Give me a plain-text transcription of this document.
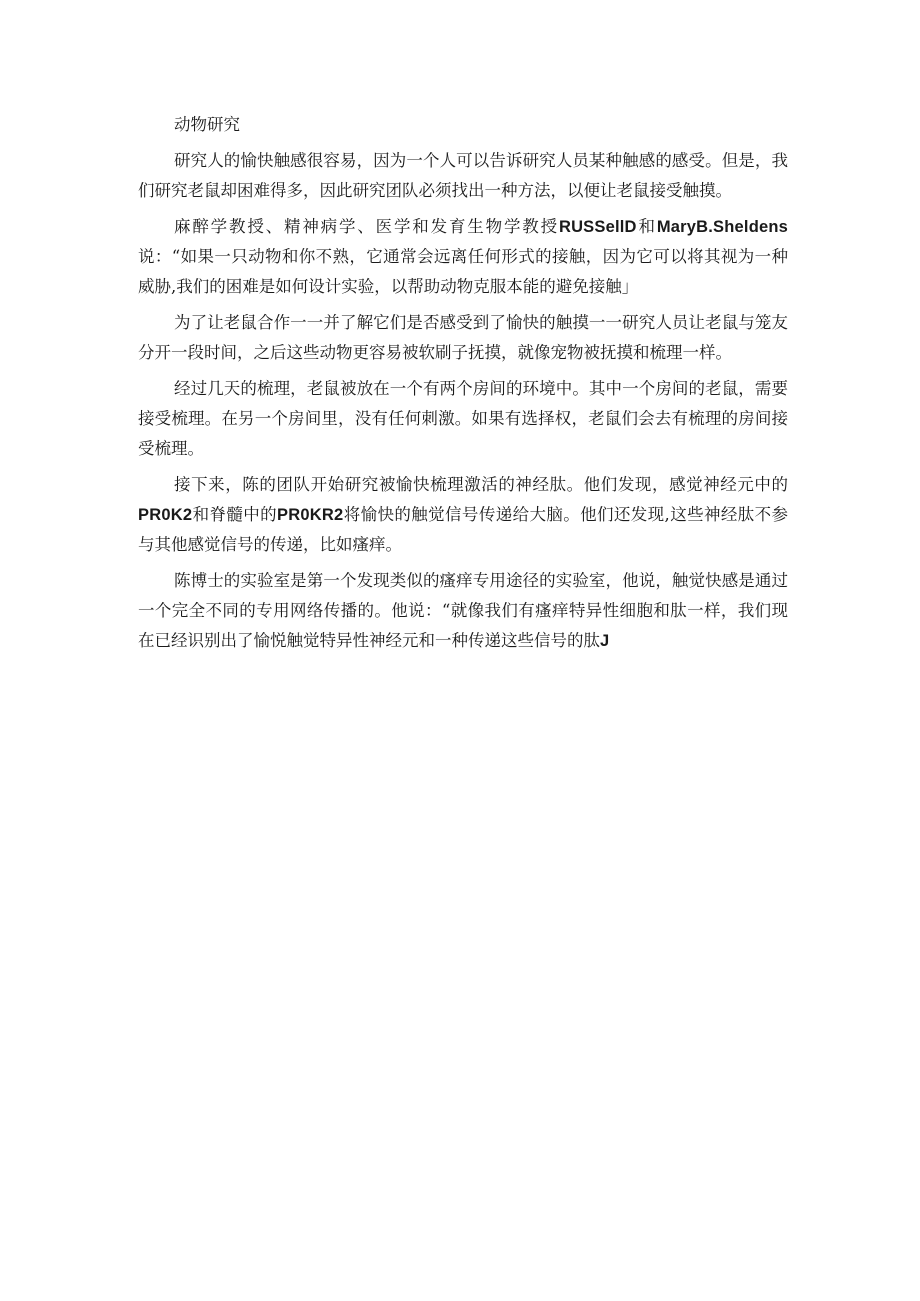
动物研究

研究人的愉快触感很容易，因为一个人可以告诉研究人员某种触感的感受。但是，我们研究老鼠却困难得多，因此研究团队必须找出一种方法，以便让老鼠接受触摸。

麻醉学教授、精神病学、医学和发育生物学教授RUSSellD和MaryB.Sheldens说：“如果一只动物和你不熟，它通常会远离任何形式的接触，因为它可以将其视为一种威胁,我们的困难是如何设计实验，以帮助动物克服本能的避免接触」

为了让老鼠合作一一并了解它们是否感受到了愉快的触摸一一研究人员让老鼠与笼友分开一段时间，之后这些动物更容易被软刷子抚摸，就像宠物被抚摸和梳理一样。

经过几天的梳理，老鼠被放在一个有两个房间的环境中。其中一个房间的老鼠，需要接受梳理。在另一个房间里，没有任何刺激。如果有选择权，老鼠们会去有梳理的房间接受梳理。

接下来，陈的团队开始研究被愉快梳理激活的神经肽。他们发现，感觉神经元中的PR0K2和脊髓中的PR0KR2将愉快的触觉信号传递给大脑。他们还发现,这些神经肽不参与其他感觉信号的传递，比如瘙痒。

陈博士的实验室是第一个发现类似的瘙痒专用途径的实验室，他说，触觉快感是通过一个完全不同的专用网络传播的。他说：“就像我们有瘙痒特异性细胞和肽一样，我们现在已经识别出了愉悦触觉特异性神经元和一种传递这些信号的肽J
